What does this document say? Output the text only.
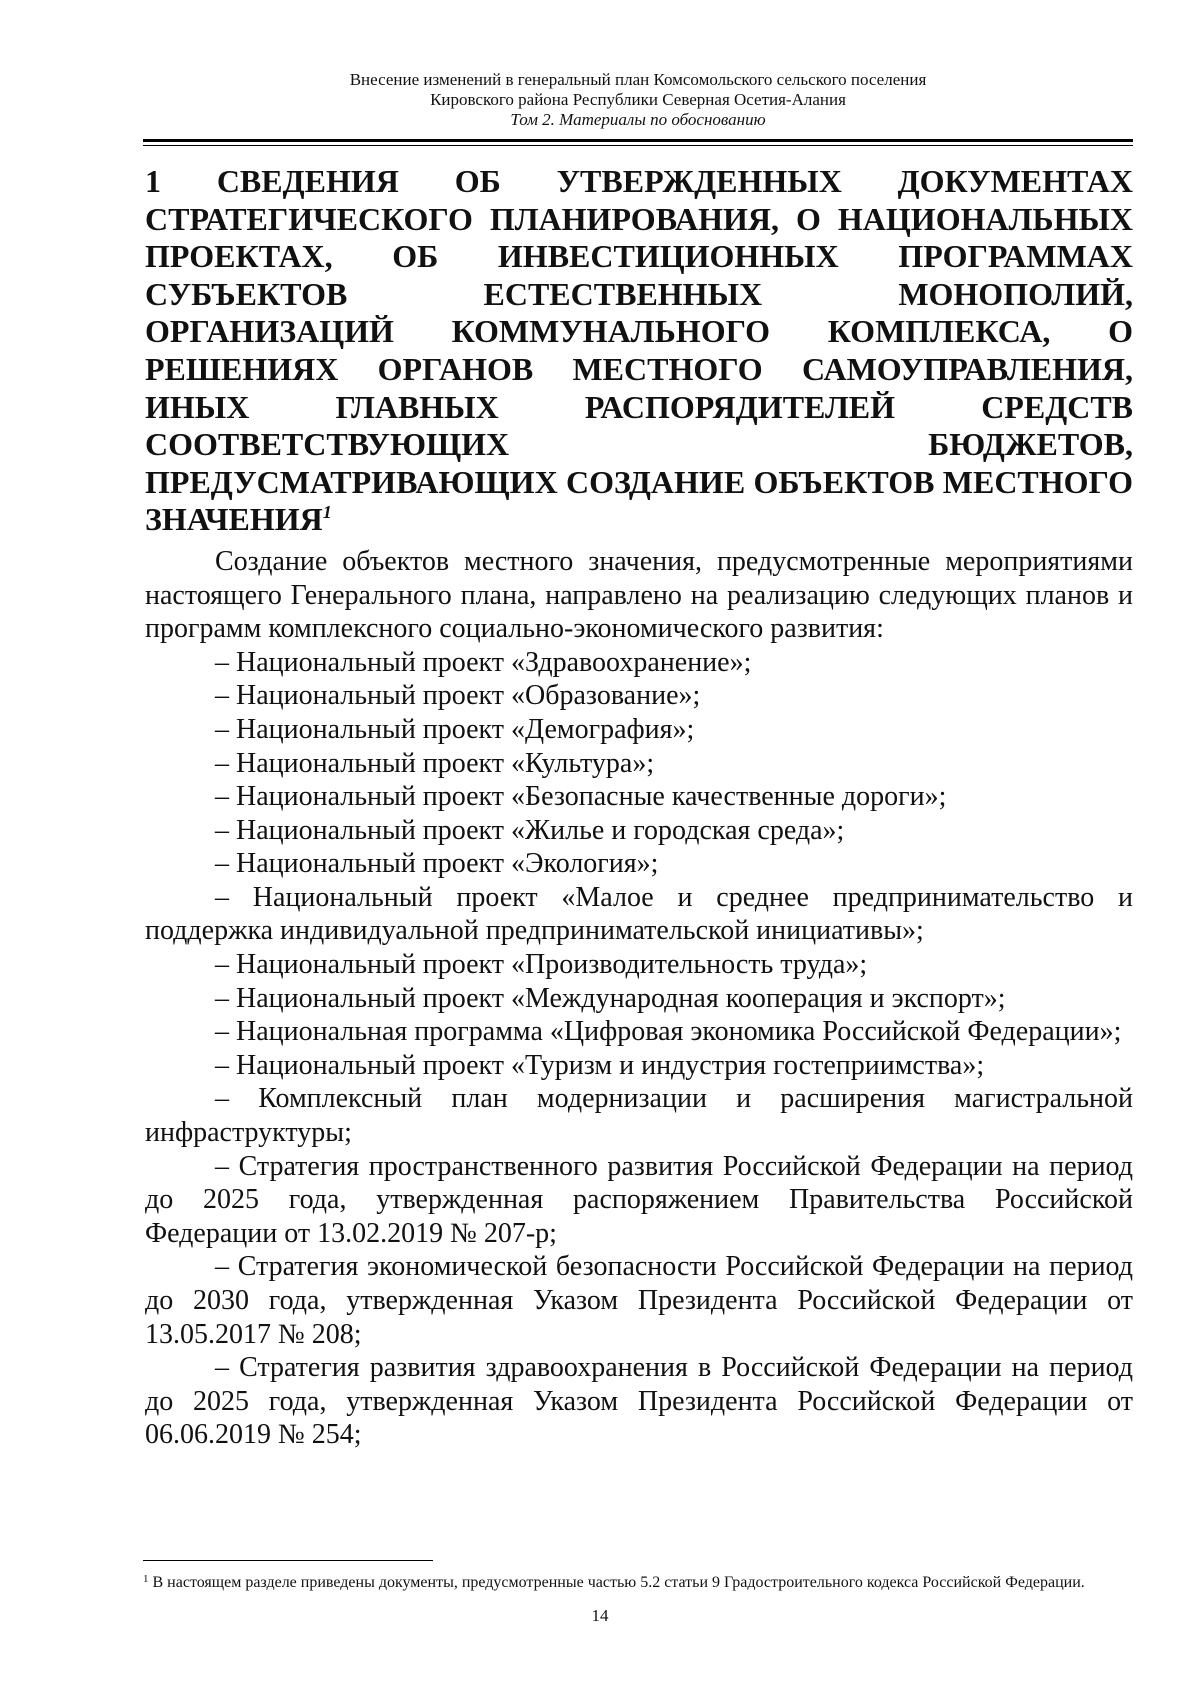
Внесение изменений в генеральный план Комсомольского сельского поселения
Кировского района Республики Северная Осетия-Алания
Том 2. Материалы по обоснованию
1 СВЕДЕНИЯ ОБ УТВЕРЖДЕННЫХ ДОКУМЕНТАХ СТРАТЕГИЧЕСКОГО ПЛАНИРОВАНИЯ, О НАЦИОНАЛЬНЫХ ПРОЕКТАХ, ОБ ИНВЕСТИЦИОННЫХ ПРОГРАММАХ СУБЪЕКТОВ ЕСТЕСТВЕННЫХ МОНОПОЛИЙ, ОРГАНИЗАЦИЙ КОММУНАЛЬНОГО КОМПЛЕКСА, О РЕШЕНИЯХ ОРГАНОВ МЕСТНОГО САМОУПРАВЛЕНИЯ, ИНЫХ ГЛАВНЫХ РАСПОРЯДИТЕЛЕЙ СРЕДСТВ СООТВЕТСТВУЮЩИХ БЮДЖЕТОВ, ПРЕДУСМАТРИВАЮЩИХ СОЗДАНИЕ ОБЪЕКТОВ МЕСТНОГО ЗНАЧЕНИЯ$^1$

Создание объектов местного значения, предусмотренные мероприятиями настоящего Генерального плана, направлено на реализацию следующих планов и программ комплексного социально-экономического развития:

– Национальный проект «Здравоохранение»;
– Национальный проект «Образование»;
– Национальный проект «Демография»;
– Национальный проект «Культура»;
– Национальный проект «Безопасные качественные дороги»;
– Национальный проект «Жилье и городская среда»;
– Национальный проект «Экология»;
– Национальный проект «Малое и среднее предпринимательство и поддержка индивидуальной предпринимательской инициативы»;
– Национальный проект «Производительность труда»;
– Национальный проект «Международная кооперация и экспорт»;
– Национальная программа «Цифровая экономика Российской Федерации»;
– Национальный проект «Туризм и индустрия гостеприимства»;
– Комплексный план модернизации и расширения магистральной инфраструктуры;
– Стратегия пространственного развития Российской Федерации на период до 2025 года, утвержденная распоряжением Правительства Российской Федерации от 13.02.2019 № 207-р;
– Стратегия экономической безопасности Российской Федерации на период до 2030 года, утвержденная Указом Президента Российской Федерации от 13.05.2017 № 208;
– Стратегия развития здравоохранения в Российской Федерации на период до 2025 года, утвержденная Указом Президента Российской Федерации от 06.06.2019 № 254;
$^1$ В настоящем разделе приведены документы, предусмотренные частью 5.2 статьи 9 Градостроительного кодекса Российской Федерации.
14
